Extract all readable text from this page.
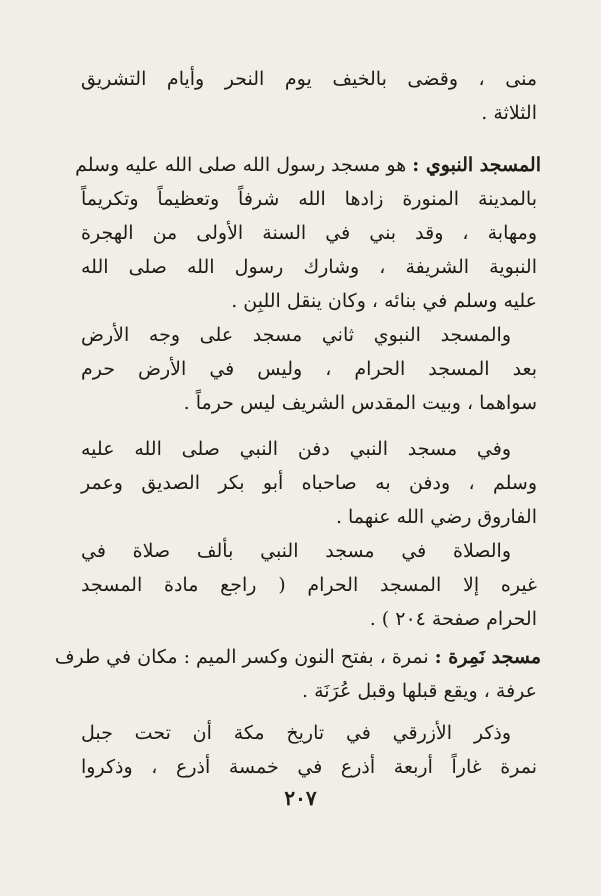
منى ، وقضى بالخيف يوم النحر وأيام التشريق
الثلاثة .
المسجد النبوي : هو مسجد رسول الله صلى الله عليه وسلم
بالمدينة المنورة زادها الله شرفاً وتعظيماً وتكريماً
ومهابة ، وقد بني في السنة الأولى من الهجرة
النبوية الشريفة ، وشارك رسول الله صلى الله
عليه وسلم في بنائه ، وكان ينقل اللبِن .
والمسجد النبوي ثاني مسجد على وجه الأرض
بعد المسجد الحرام ، وليس في الأرض حرم
سواهما ، وبيت المقدس الشريف ليس حرماً .
وفي مسجد النبي دفن النبي صلى الله عليه
وسلم ، ودفن به صاحباه أبو بكر الصديق وعمر
الفاروق رضي الله عنهما .
والصلاة في مسجد النبي بألف صلاة في
غيره إلا المسجد الحرام ( راجع مادة المسجد
الحرام صفحة ٢٠٤ ) .
مسجد نَمِرة : نمرة ، بفتح النون وكسر الميم : مكان في طرف
عرفة ، ويقع قبلها وقبل عُرَنَة .
وذكر الأزرقي في تاريخ مكة أن تحت جبل
نمرة غاراً أربعة أذرع في خمسة أذرع ، وذكروا
٢٠٧
